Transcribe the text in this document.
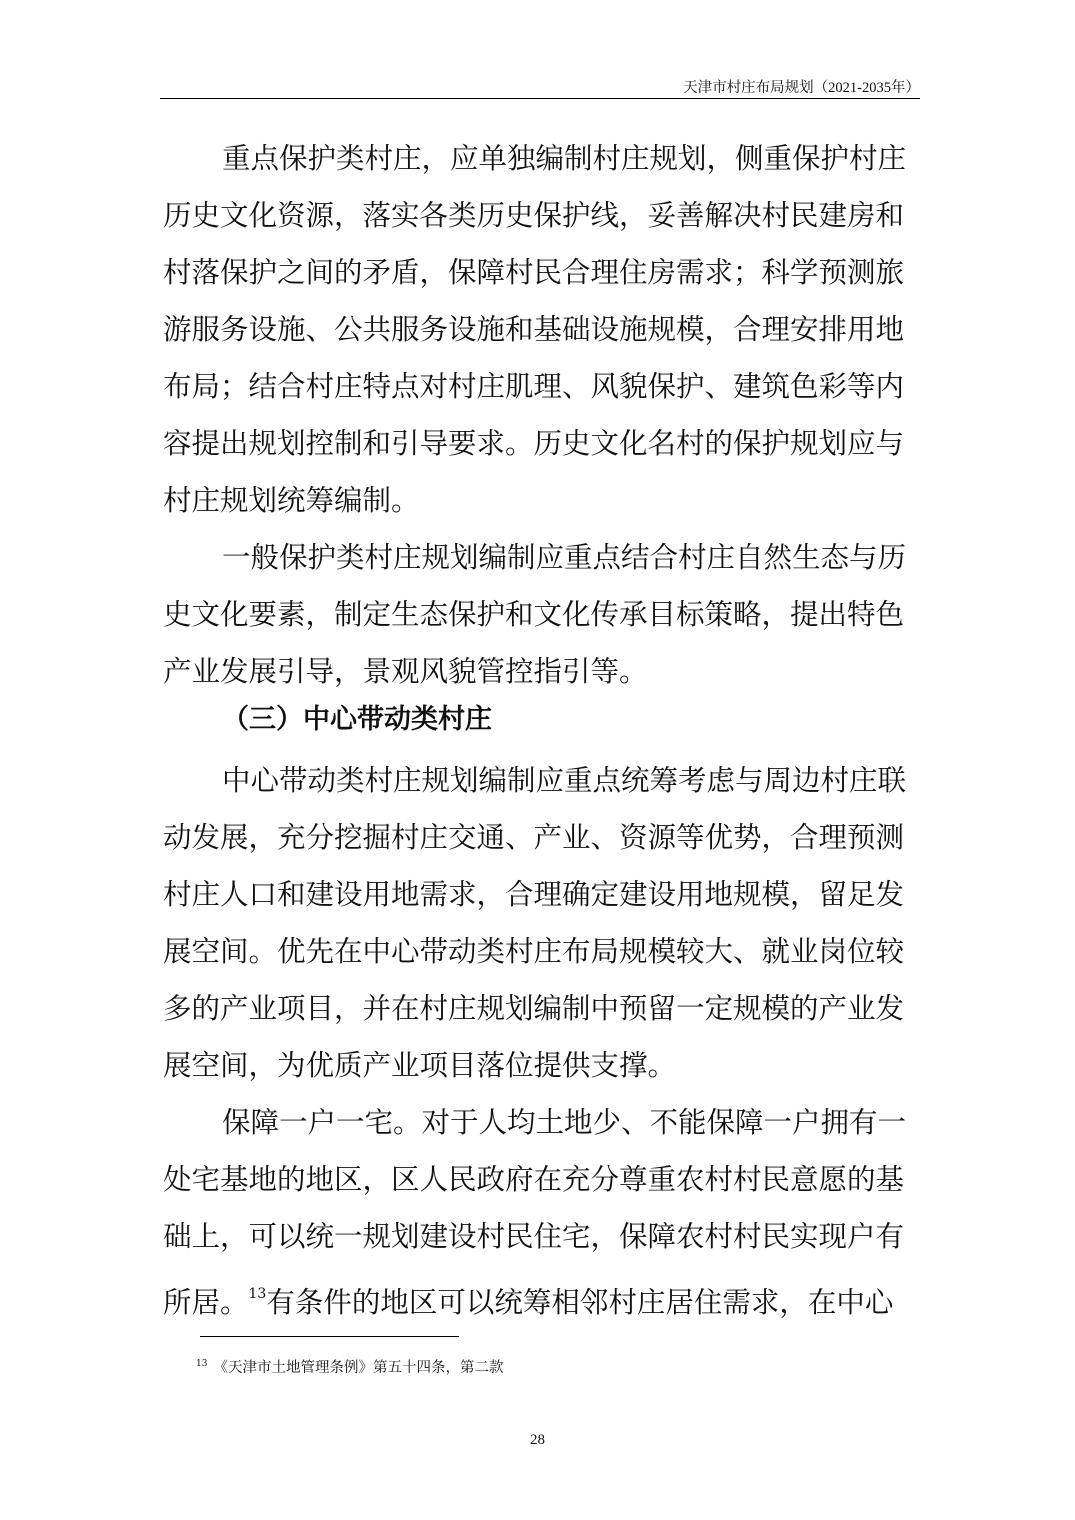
天津市村庄布局规划（2021-2035年）
重点保护类村庄，应单独编制村庄规划，侧重保护村庄
历史文化资源，落实各类历史保护线，妥善解决村民建房和
村落保护之间的矛盾，保障村民合理住房需求；科学预测旅
游服务设施、公共服务设施和基础设施规模，合理安排用地
布局；结合村庄特点对村庄肌理、风貌保护、建筑色彩等内
容提出规划控制和引导要求。历史文化名村的保护规划应与
村庄规划统筹编制。
一般保护类村庄规划编制应重点结合村庄自然生态与历
史文化要素，制定生态保护和文化传承目标策略，提出特色
产业发展引导，景观风貌管控指引等。
（三）中心带动类村庄
中心带动类村庄规划编制应重点统筹考虑与周边村庄联
动发展，充分挖掘村庄交通、产业、资源等优势，合理预测
村庄人口和建设用地需求，合理确定建设用地规模，留足发
展空间。优先在中心带动类村庄布局规模较大、就业岗位较
多的产业项目，并在村庄规划编制中预留一定规模的产业发
展空间，为优质产业项目落位提供支撑。
保障一户一宅。对于人均土地少、不能保障一户拥有一
处宅基地的地区，区人民政府在充分尊重农村村民意愿的基
础上，可以统一规划建设村民住宅，保障农村村民实现户有
所居。$^{13}$有条件的地区可以统筹相邻村庄居住需求，在中心
$^{13}$ 《天津市土地管理条例》第五十四条，第二款
28
